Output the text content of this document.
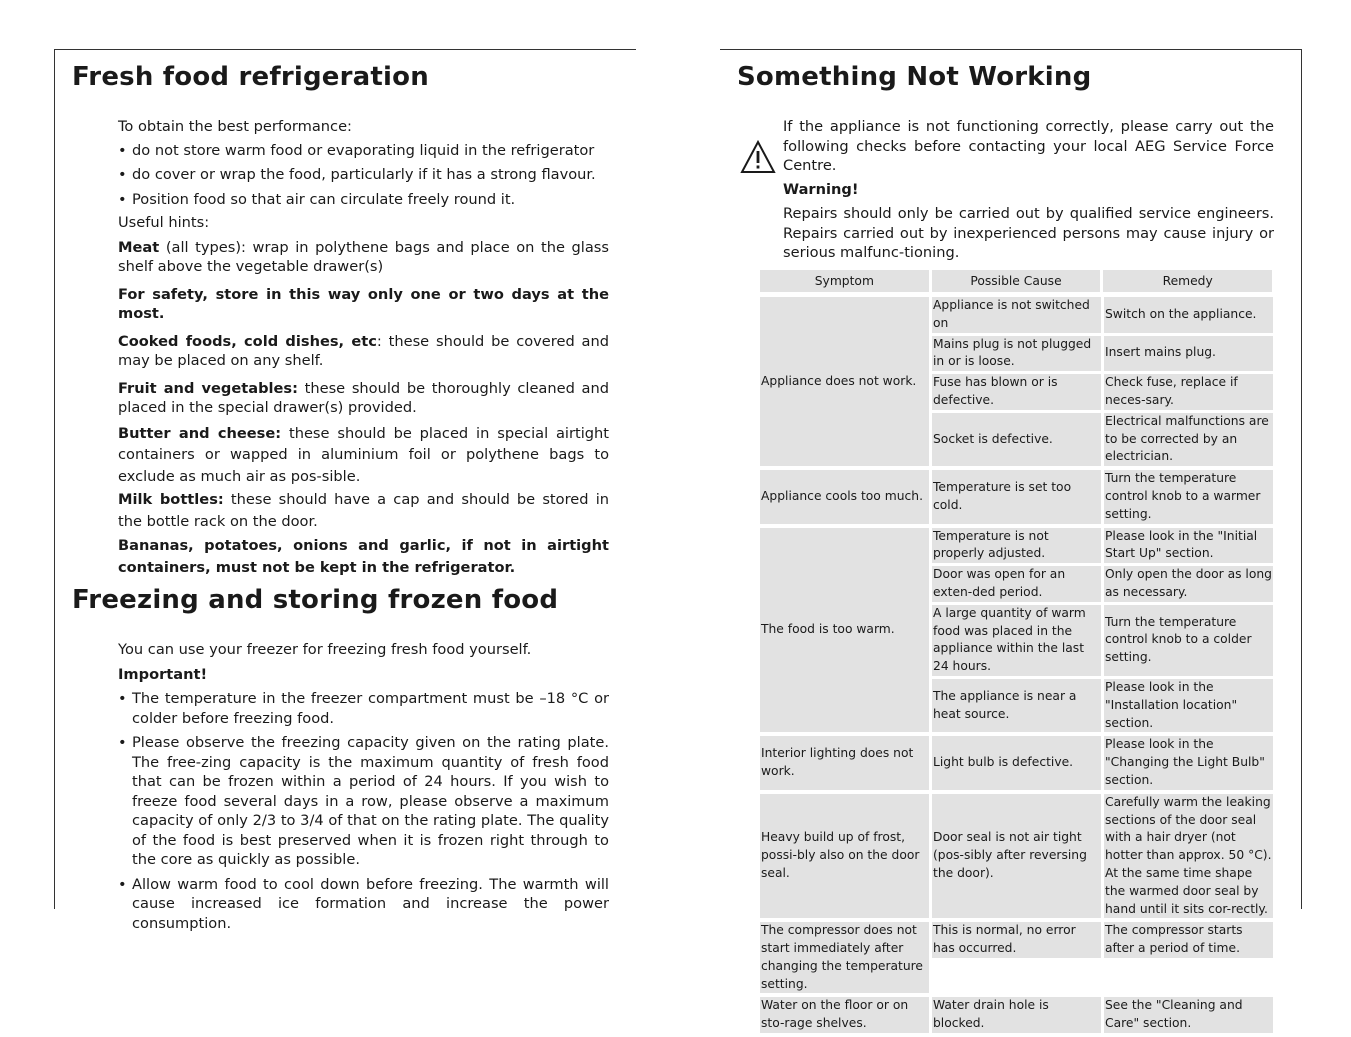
Fresh food refrigeration

To obtain the best performance:

• do not store warm food or evaporating liquid in the refrigerator
• do cover or wrap the food, particularly if it has a strong flavour.
• Position food so that air can circulate freely round it.

Useful hints:

Meat (all types): wrap in polythene bags and place on the glass shelf above the vegetable drawer(s)

For safety, store in this way only one or two days at the most.

Cooked foods, cold dishes, etc: these should be covered and may be placed on any shelf.

Fruit and vegetables: these should be thoroughly cleaned and placed in the special drawer(s) provided.

Butter and cheese: these should be placed in special airtight containers or wapped in aluminium foil or polythene bags to exclude as much air as pos-sible.

Milk bottles: these should have a cap and should be stored in the bottle rack on the door.

Bananas, potatoes, onions and garlic, if not in airtight containers, must not be kept in the refrigerator.

Freezing and storing frozen food

You can use your freezer for freezing fresh food yourself.

Important!

• The temperature in the freezer compartment must be –18 °C or colder before freezing food.
• Please observe the freezing capacity given on the rating plate. The free-zing capacity is the maximum quantity of fresh food that can be frozen within a period of 24 hours. If you wish to freeze food several days in a row, please observe a maximum capacity of only 2/3 to 3/4 of that on the rating plate. The quality of the food is best preserved when it is frozen right through to the core as quickly as possible.
• Allow warm food to cool down before freezing. The warmth will cause increased ice formation and increase the power consumption.
Something Not Working

If the appliance is not functioning correctly, please carry out the following checks before contacting your local AEG Service Force Centre.

Warning!

Repairs should only be carried out by qualified service engineers. Repairs carried out by inexperienced persons may cause injury or serious malfunc-tioning.

Symptom	Possible Cause	Remedy
Appliance does not work.
Appliance is not switched on
Switch on the appliance.
Mains plug is not plugged in or is loose.
Insert mains plug.
Fuse has blown or is defective.
Check fuse, replace if neces-sary.
Socket is defective.
Electrical malfunctions are to be corrected by an electrician.
Appliance cools too much.
Temperature is set too cold.
Turn the temperature control knob to a warmer setting.
The food is too warm.
Temperature is not properly adjusted.
Please look in the "Initial Start Up" section.
Door was open for an exten-ded period.
Only open the door as long as necessary.
A large quantity of warm food was placed in the appliance within the last 24 hours.
Turn the temperature control knob to a colder setting.
The appliance is near a heat source.
Please look in the "Installation location" section.
Interior lighting does not work.
Light bulb is defective.
Please look in the "Changing the Light Bulb" section.
Heavy build up of frost, possi-bly also on the door seal.
Door seal is not air tight (pos-sibly after reversing the door).
Carefully warm the leaking sections of the door seal with a hair dryer (not hotter than approx. 50 °C). At the same time shape the warmed door seal by hand until it sits cor-rectly.
The compressor does not start immediately after changing the temperature setting.
This is normal, no error has occurred.
The compressor starts after a period of time.
Water on the floor or on sto-rage shelves.
Water drain hole is blocked.
See the "Cleaning and Care" section.
